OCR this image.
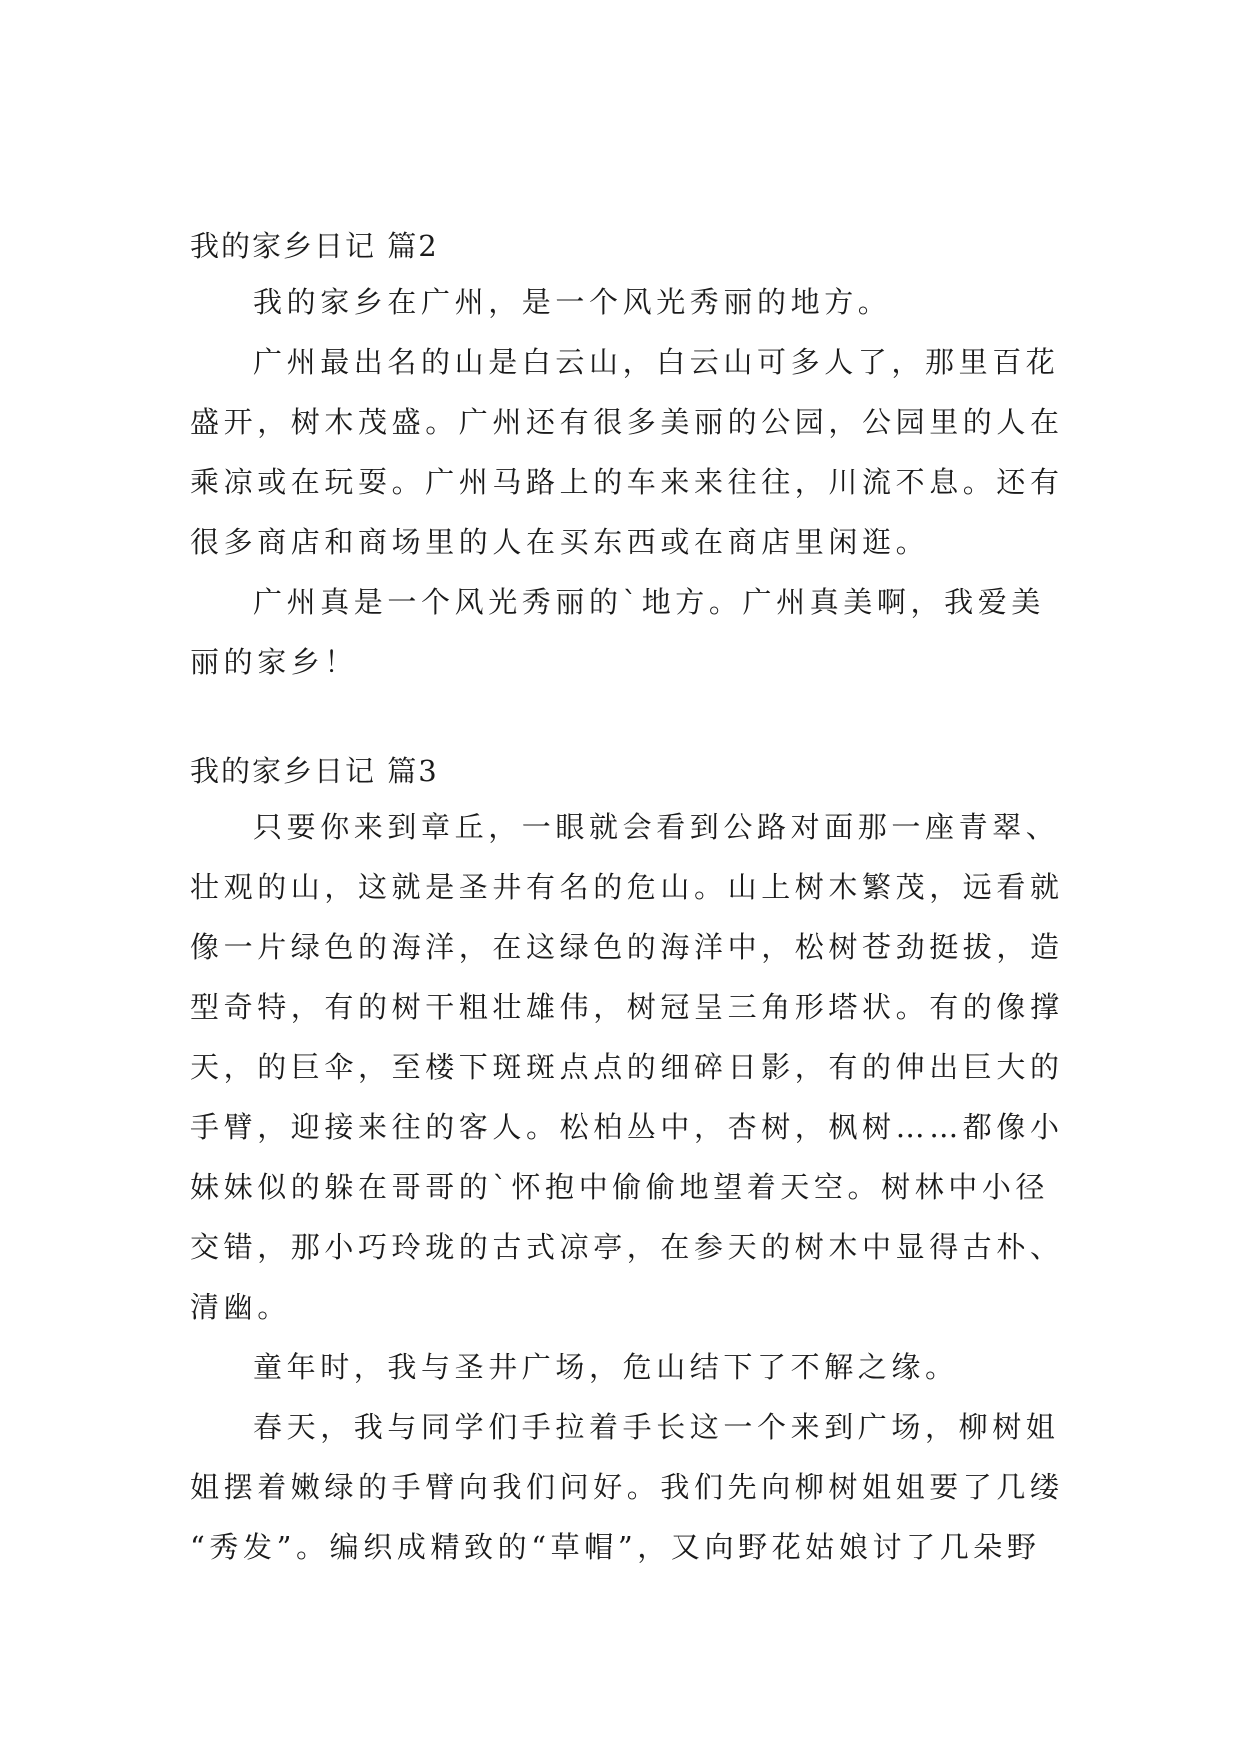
我的家乡日记 篇2

我的家乡在广州，是一个风光秀丽的地方。

广州最出名的山是白云山，白云山可多人了，那里百花
盛开，树木茂盛。广州还有很多美丽的公园，公园里的人在
乘凉或在玩耍。广州马路上的车来来往往，川流不息。还有
很多商店和商场里的人在买东西或在商店里闲逛。

广州真是一个风光秀丽的`地方。广州真美啊，我爱美
丽的家乡！

我的家乡日记 篇3

只要你来到章丘，一眼就会看到公路对面那一座青翠、
壮观的山，这就是圣井有名的危山。山上树木繁茂，远看就
像一片绿色的海洋，在这绿色的海洋中，松树苍劲挺拔，造
型奇特，有的树干粗壮雄伟，树冠呈三角形塔状。有的像撑
天，的巨伞，至楼下斑斑点点的细碎日影，有的伸出巨大的
手臂，迎接来往的客人。松柏丛中，杏树，枫树……都像小
妹妹似的躲在哥哥的`怀抱中偷偷地望着天空。树林中小径
交错，那小巧玲珑的古式凉亭，在参天的树木中显得古朴、
清幽。

童年时，我与圣井广场，危山结下了不解之缘。

春天，我与同学们手拉着手长这一个来到广场，柳树姐
姐摆着嫩绿的手臂向我们问好。我们先向柳树姐姐要了几缕
“秀发”。编织成精致的“草帽”，又向野花姑娘讨了几朵野
